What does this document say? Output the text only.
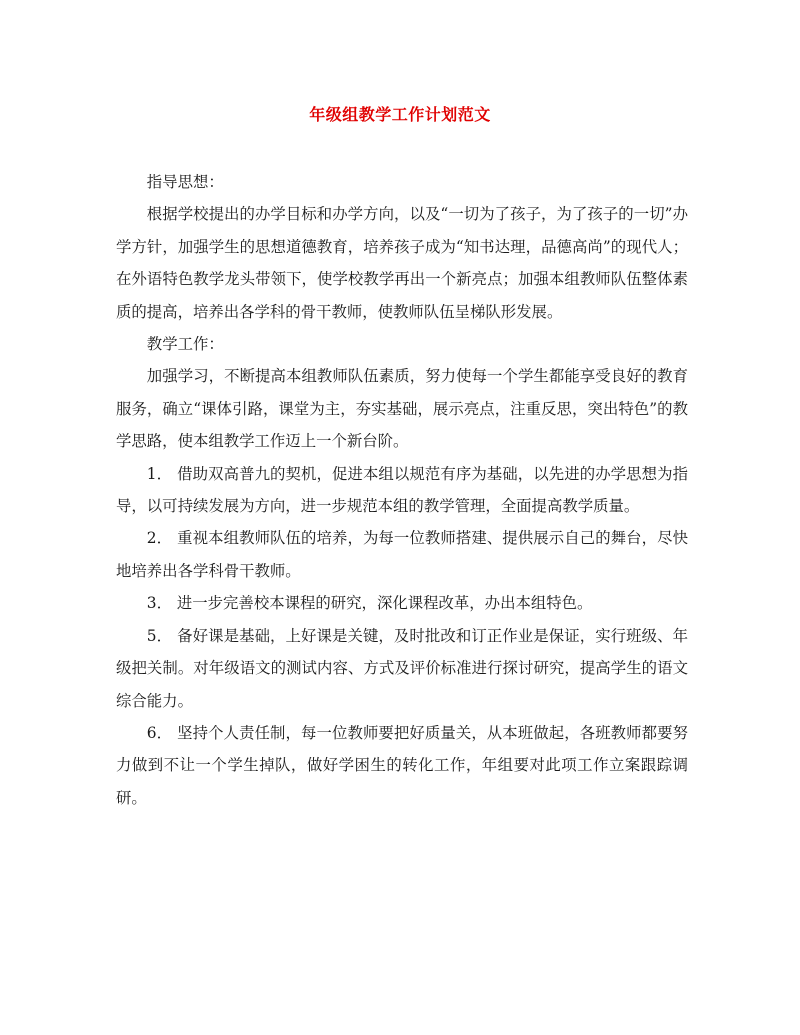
年级组教学工作计划范文

指导思想：

根据学校提出的办学目标和办学方向，以及“一切为了孩子，为了孩子的一切”办学方针，加强学生的思想道德教育，培养孩子成为“知书达理，品德高尚”的现代人；在外语特色教学龙头带领下，使学校教学再出一个新亮点；加强本组教师队伍整体素质的提高，培养出各学科的骨干教师，使教师队伍呈梯队形发展。

教学工作：

加强学习，不断提高本组教师队伍素质，努力使每一个学生都能享受良好的教育服务，确立“课体引路，课堂为主，夯实基础，展示亮点，注重反思，突出特色”的教学思路，使本组教学工作迈上一个新台阶。

1． 借助双高普九的契机，促进本组以规范有序为基础，以先进的办学思想为指导，以可持续发展为方向，进一步规范本组的教学管理，全面提高教学质量。

2． 重视本组教师队伍的培养，为每一位教师搭建、提供展示自己的舞台，尽快地培养出各学科骨干教师。

3． 进一步完善校本课程的研究，深化课程改革，办出本组特色。

5． 备好课是基础，上好课是关键，及时批改和订正作业是保证，实行班级、年级把关制。对年级语文的测试内容、方式及评价标准进行探讨研究，提高学生的语文综合能力。

6． 坚持个人责任制，每一位教师要把好质量关，从本班做起，各班教师都要努力做到不让一个学生掉队，做好学困生的转化工作，年组要对此项工作立案跟踪调研。
